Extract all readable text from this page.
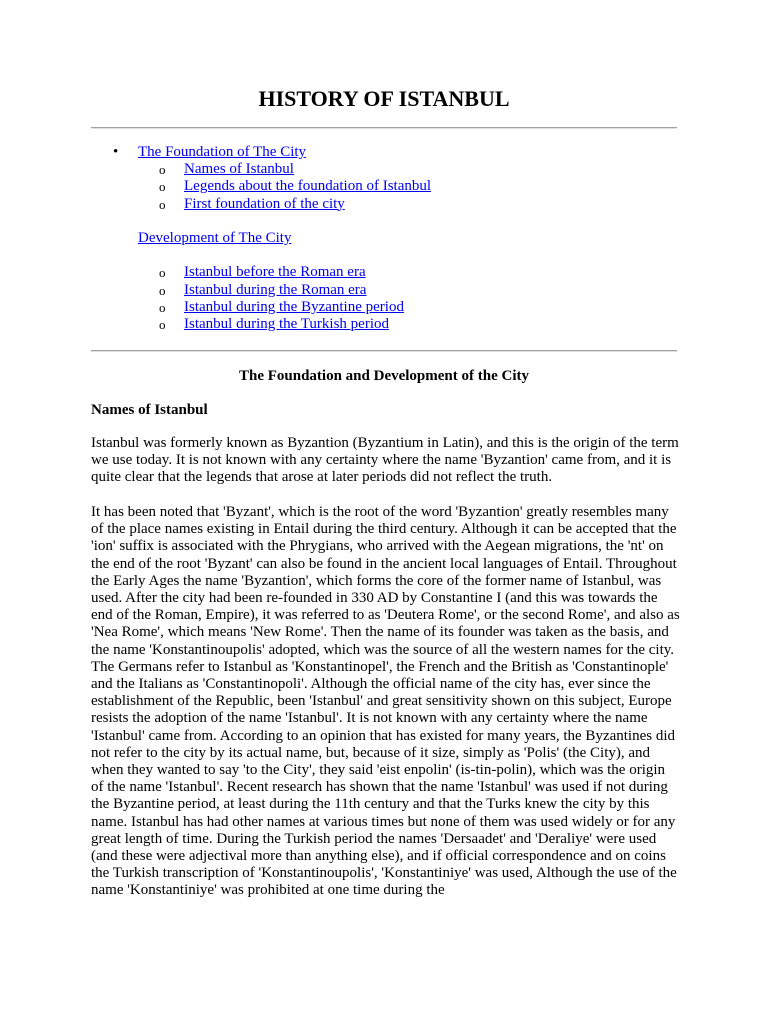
HISTORY OF ISTANBUL
• The Foundation of The City
o Names of Istanbul
o Legends about the foundation of Istanbul
o First foundation of the city
Development of The City
o Istanbul before the Roman era
o Istanbul during the Roman era
o Istanbul during the Byzantine period
o Istanbul during the Turkish period
The Foundation and Development of the City
Names of Istanbul

Istanbul was formerly known as Byzantion (Byzantium in Latin), and this is the origin of the term we use today. It is not known with any certainty where the name 'Byzantion' came from, and it is quite clear that the legends that arose at later periods did not reflect the truth.

It has been noted that 'Byzant', which is the root of the word 'Byzantion' greatly resembles many of the place names existing in Entail during the third century. Although it can be accepted that the 'ion' suffix is associated with the Phrygians, who arrived with the Aegean migrations, the 'nt' on the end of the root 'Byzant' can also be found in the ancient local languages of Entail. Throughout the Early Ages the name 'Byzantion', which forms the core of the former name of Istanbul, was used. After the city had been re-founded in 330 AD by Constantine I (and this was towards the end of the Roman, Empire), it was referred to as 'Deutera Rome', or the second Rome', and also as 'Nea Rome', which means 'New Rome'. Then the name of its founder was taken as the basis, and the name 'Konstantinoupolis' adopted, which was the source of all the western names for the city. The Germans refer to Istanbul as 'Konstantinopel', the French and the British as 'Constantinople' and the Italians as 'Constantinopoli'. Although the official name of the city has, ever since the establishment of the Republic, been 'Istanbul' and great sensitivity shown on this subject, Europe resists the adoption of the name 'Istanbul'. It is not known with any certainty where the name 'Istanbul' came from. According to an opinion that has existed for many years, the Byzantines did not refer to the city by its actual name, but, because of it size, simply as 'Polis' (the City), and when they wanted to say 'to the City', they said 'eist enpolin' (is-tin-polin), which was the origin of the name 'Istanbul'. Recent research has shown that the name 'Istanbul' was used if not during the Byzantine period, at least during the 11th century and that the Turks knew the city by this name. Istanbul has had other names at various times but none of them was used widely or for any great length of time. During the Turkish period the names 'Dersaadet' and 'Deraliye' were used (and these were adjectival more than anything else), and if official correspondence and on coins the Turkish transcription of 'Konstantinoupolis', 'Konstantiniye' was used, Although the use of the name 'Konstantiniye' was prohibited at one time during the
